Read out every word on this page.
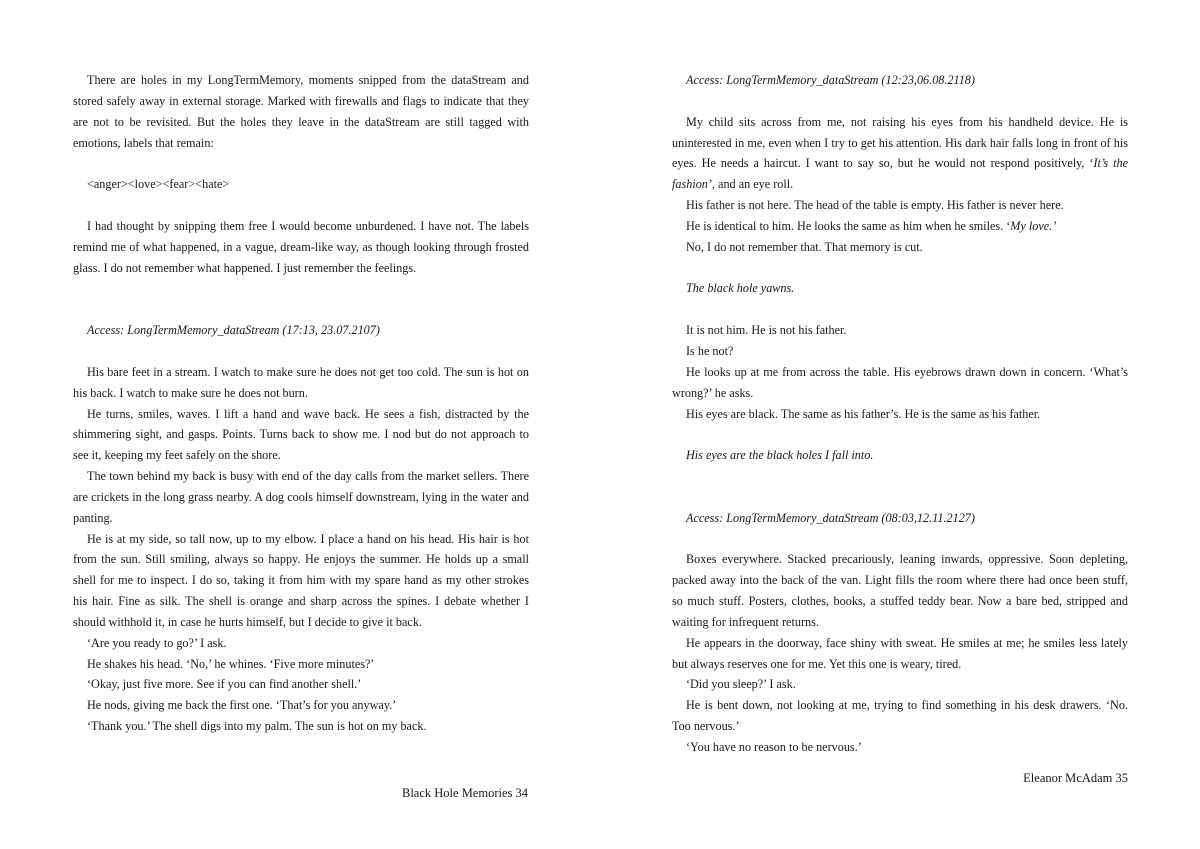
There are holes in my LongTermMemory, moments snipped from the dataStream and stored safely away in external storage. Marked with firewalls and flags to indicate that they are not to be revisited. But the holes they leave in the dataStream are still tagged with emotions, labels that remain:

<anger><love><fear><hate>

I had thought by snipping them free I would become unburdened. I have not. The labels remind me of what happened, in a vague, dream-like way, as though looking through frosted glass. I do not remember what happened. I just remember the feelings.

Access: LongTermMemory_dataStream (17:13, 23.07.2107)

His bare feet in a stream. I watch to make sure he does not get too cold. The sun is hot on his back. I watch to make sure he does not burn.

He turns, smiles, waves. I lift a hand and wave back. He sees a fish, distracted by the shimmering sight, and gasps. Points. Turns back to show me. I nod but do not approach to see it, keeping my feet safely on the shore.

The town behind my back is busy with end of the day calls from the market sellers. There are crickets in the long grass nearby. A dog cools himself downstream, lying in the water and panting.

He is at my side, so tall now, up to my elbow. I place a hand on his head. His hair is hot from the sun. Still smiling, always so happy. He enjoys the summer. He holds up a small shell for me to inspect. I do so, taking it from him with my spare hand as my other strokes his hair. Fine as silk. The shell is orange and sharp across the spines. I debate whether I should withhold it, in case he hurts himself, but I decide to give it back.

‘Are you ready to go?’ I ask.

He shakes his head. ‘No,’ he whines. ‘Five more minutes?’

‘Okay, just five more. See if you can find another shell.’

He nods, giving me back the first one. ‘That’s for you anyway.’

‘Thank you.’ The shell digs into my palm. The sun is hot on my back.

Black Hole Memories 34

Access: LongTermMemory_dataStream (12:23,06.08.2118)

My child sits across from me, not raising his eyes from his handheld device. He is uninterested in me, even when I try to get his attention. His dark hair falls long in front of his eyes. He needs a haircut. I want to say so, but he would not respond positively, ‘It’s the fashion’, and an eye roll.

His father is not here. The head of the table is empty. His father is never here.

He is identical to him. He looks the same as him when he smiles. ‘My love.’

No, I do not remember that. That memory is cut.

The black hole yawns.

It is not him. He is not his father.

Is he not?

He looks up at me from across the table. His eyebrows drawn down in concern. ‘What’s wrong?’ he asks.

His eyes are black. The same as his father’s. He is the same as his father.

His eyes are the black holes I fall into.

Access: LongTermMemory_dataStream (08:03,12.11.2127)

Boxes everywhere. Stacked precariously, leaning inwards, oppressive. Soon depleting, packed away into the back of the van. Light fills the room where there had once been stuff, so much stuff. Posters, clothes, books, a stuffed teddy bear. Now a bare bed, stripped and waiting for infrequent returns.

He appears in the doorway, face shiny with sweat. He smiles at me; he smiles less lately but always reserves one for me. Yet this one is weary, tired.

‘Did you sleep?’ I ask.

He is bent down, not looking at me, trying to find something in his desk drawers. ‘No. Too nervous.’

‘You have no reason to be nervous.’

Eleanor McAdam 35
